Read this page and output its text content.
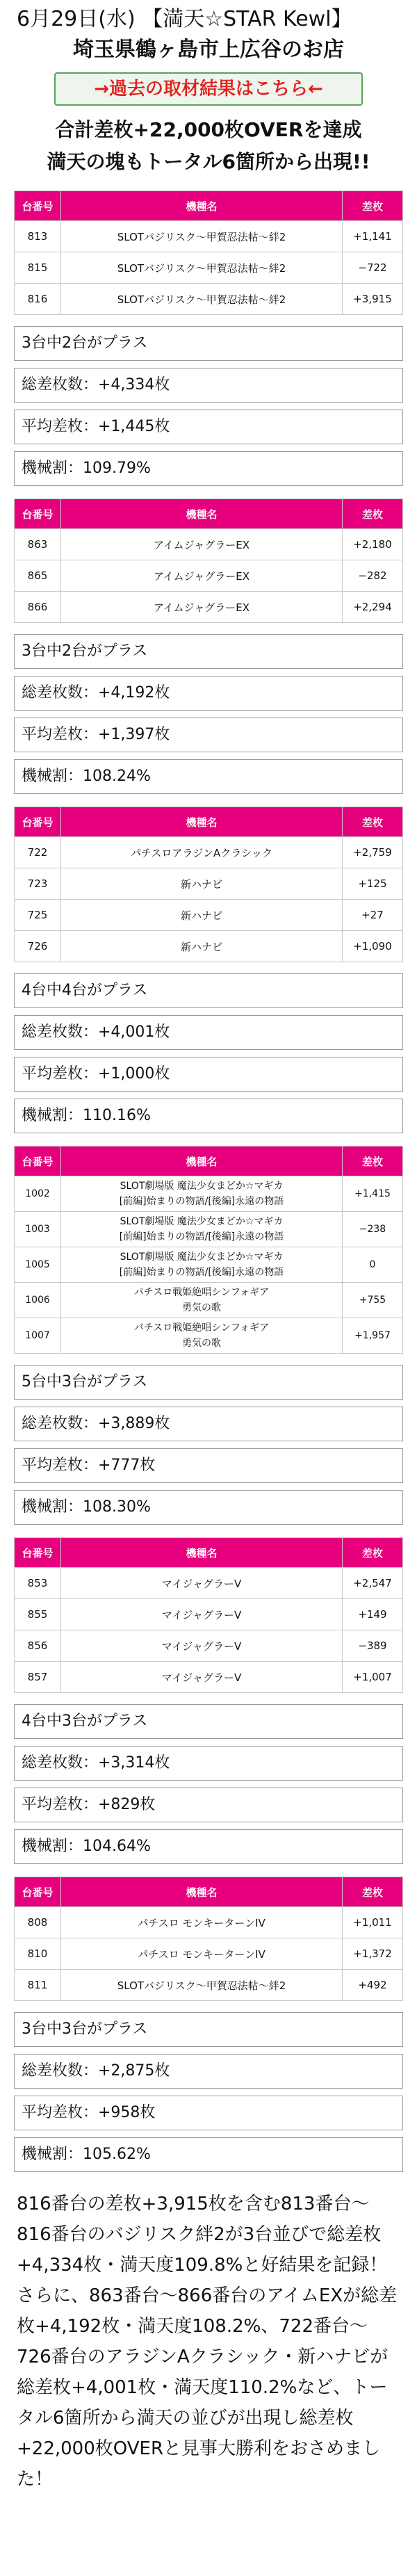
6月29日(水) 【満天☆STAR Kewl】

埼玉県鶴ヶ島市上広谷のお店

→過去の取材結果はこちら←

合計差枚+22,000枚OVERを達成

満天の塊もトータル6箇所から出現!!

台番号	機種名	差枚
813	SLOTバジリスク〜甲賀忍法帖〜絆2	+1,141
815	SLOTバジリスク〜甲賀忍法帖〜絆2	−722
816	SLOTバジリスク〜甲賀忍法帖〜絆2	+3,915
3台中2台がプラス
総差枚数：+4,334枚
平均差枚：+1,445枚
機械割：109.79%
台番号	機種名	差枚
863	アイムジャグラーEX	+2,180
865	アイムジャグラーEX	−282
866	アイムジャグラーEX	+2,294
3台中2台がプラス
総差枚数：+4,192枚
平均差枚：+1,397枚
機械割：108.24%
台番号	機種名	差枚
722	パチスロアラジンAクラシック	+2,759
723	新ハナビ	+125
725	新ハナビ	+27
726	新ハナビ	+1,090
4台中4台がプラス
総差枚数：+4,001枚
平均差枚：+1,000枚
機械割：110.16%
台番号	機種名	差枚
1002	SLOT劇場版 魔法少女まどか☆マギカ
[前編]始まりの物語/[後編]永遠の物語	+1,415
1003	SLOT劇場版 魔法少女まどか☆マギカ
[前編]始まりの物語/[後編]永遠の物語	−238
1005	SLOT劇場版 魔法少女まどか☆マギカ
[前編]始まりの物語/[後編]永遠の物語	0
1006	パチスロ戦姫絶唱シンフォギア
勇気の歌	+755
1007	パチスロ戦姫絶唱シンフォギア
勇気の歌	+1,957
5台中3台がプラス
総差枚数：+3,889枚
平均差枚：+777枚
機械割：108.30%
台番号	機種名	差枚
853	マイジャグラーV	+2,547
855	マイジャグラーV	+149
856	マイジャグラーV	−389
857	マイジャグラーV	+1,007
4台中3台がプラス
総差枚数：+3,314枚
平均差枚：+829枚
機械割：104.64%
台番号	機種名	差枚
808	パチスロ モンキーターンIV	+1,011
810	パチスロ モンキーターンIV	+1,372
811	SLOTバジリスク〜甲賀忍法帖〜絆2	+492
3台中3台がプラス
総差枚数：+2,875枚
平均差枚：+958枚
機械割：105.62%
816番台の差枚+3,915枚を含む813番台〜816番台のバジリスク絆2が3台並びで総差枚+4,334枚・満天度109.8%と好結果を記録！さらに、863番台〜866番台のアイムEXが総差枚+4,192枚・満天度108.2%、722番台〜726番台のアラジンAクラシック・新ハナビが総差枚+4,001枚・満天度110.2%など、トータル6箇所から満天の並びが出現し総差枚+22,000枚OVERと見事大勝利をおさめました！
